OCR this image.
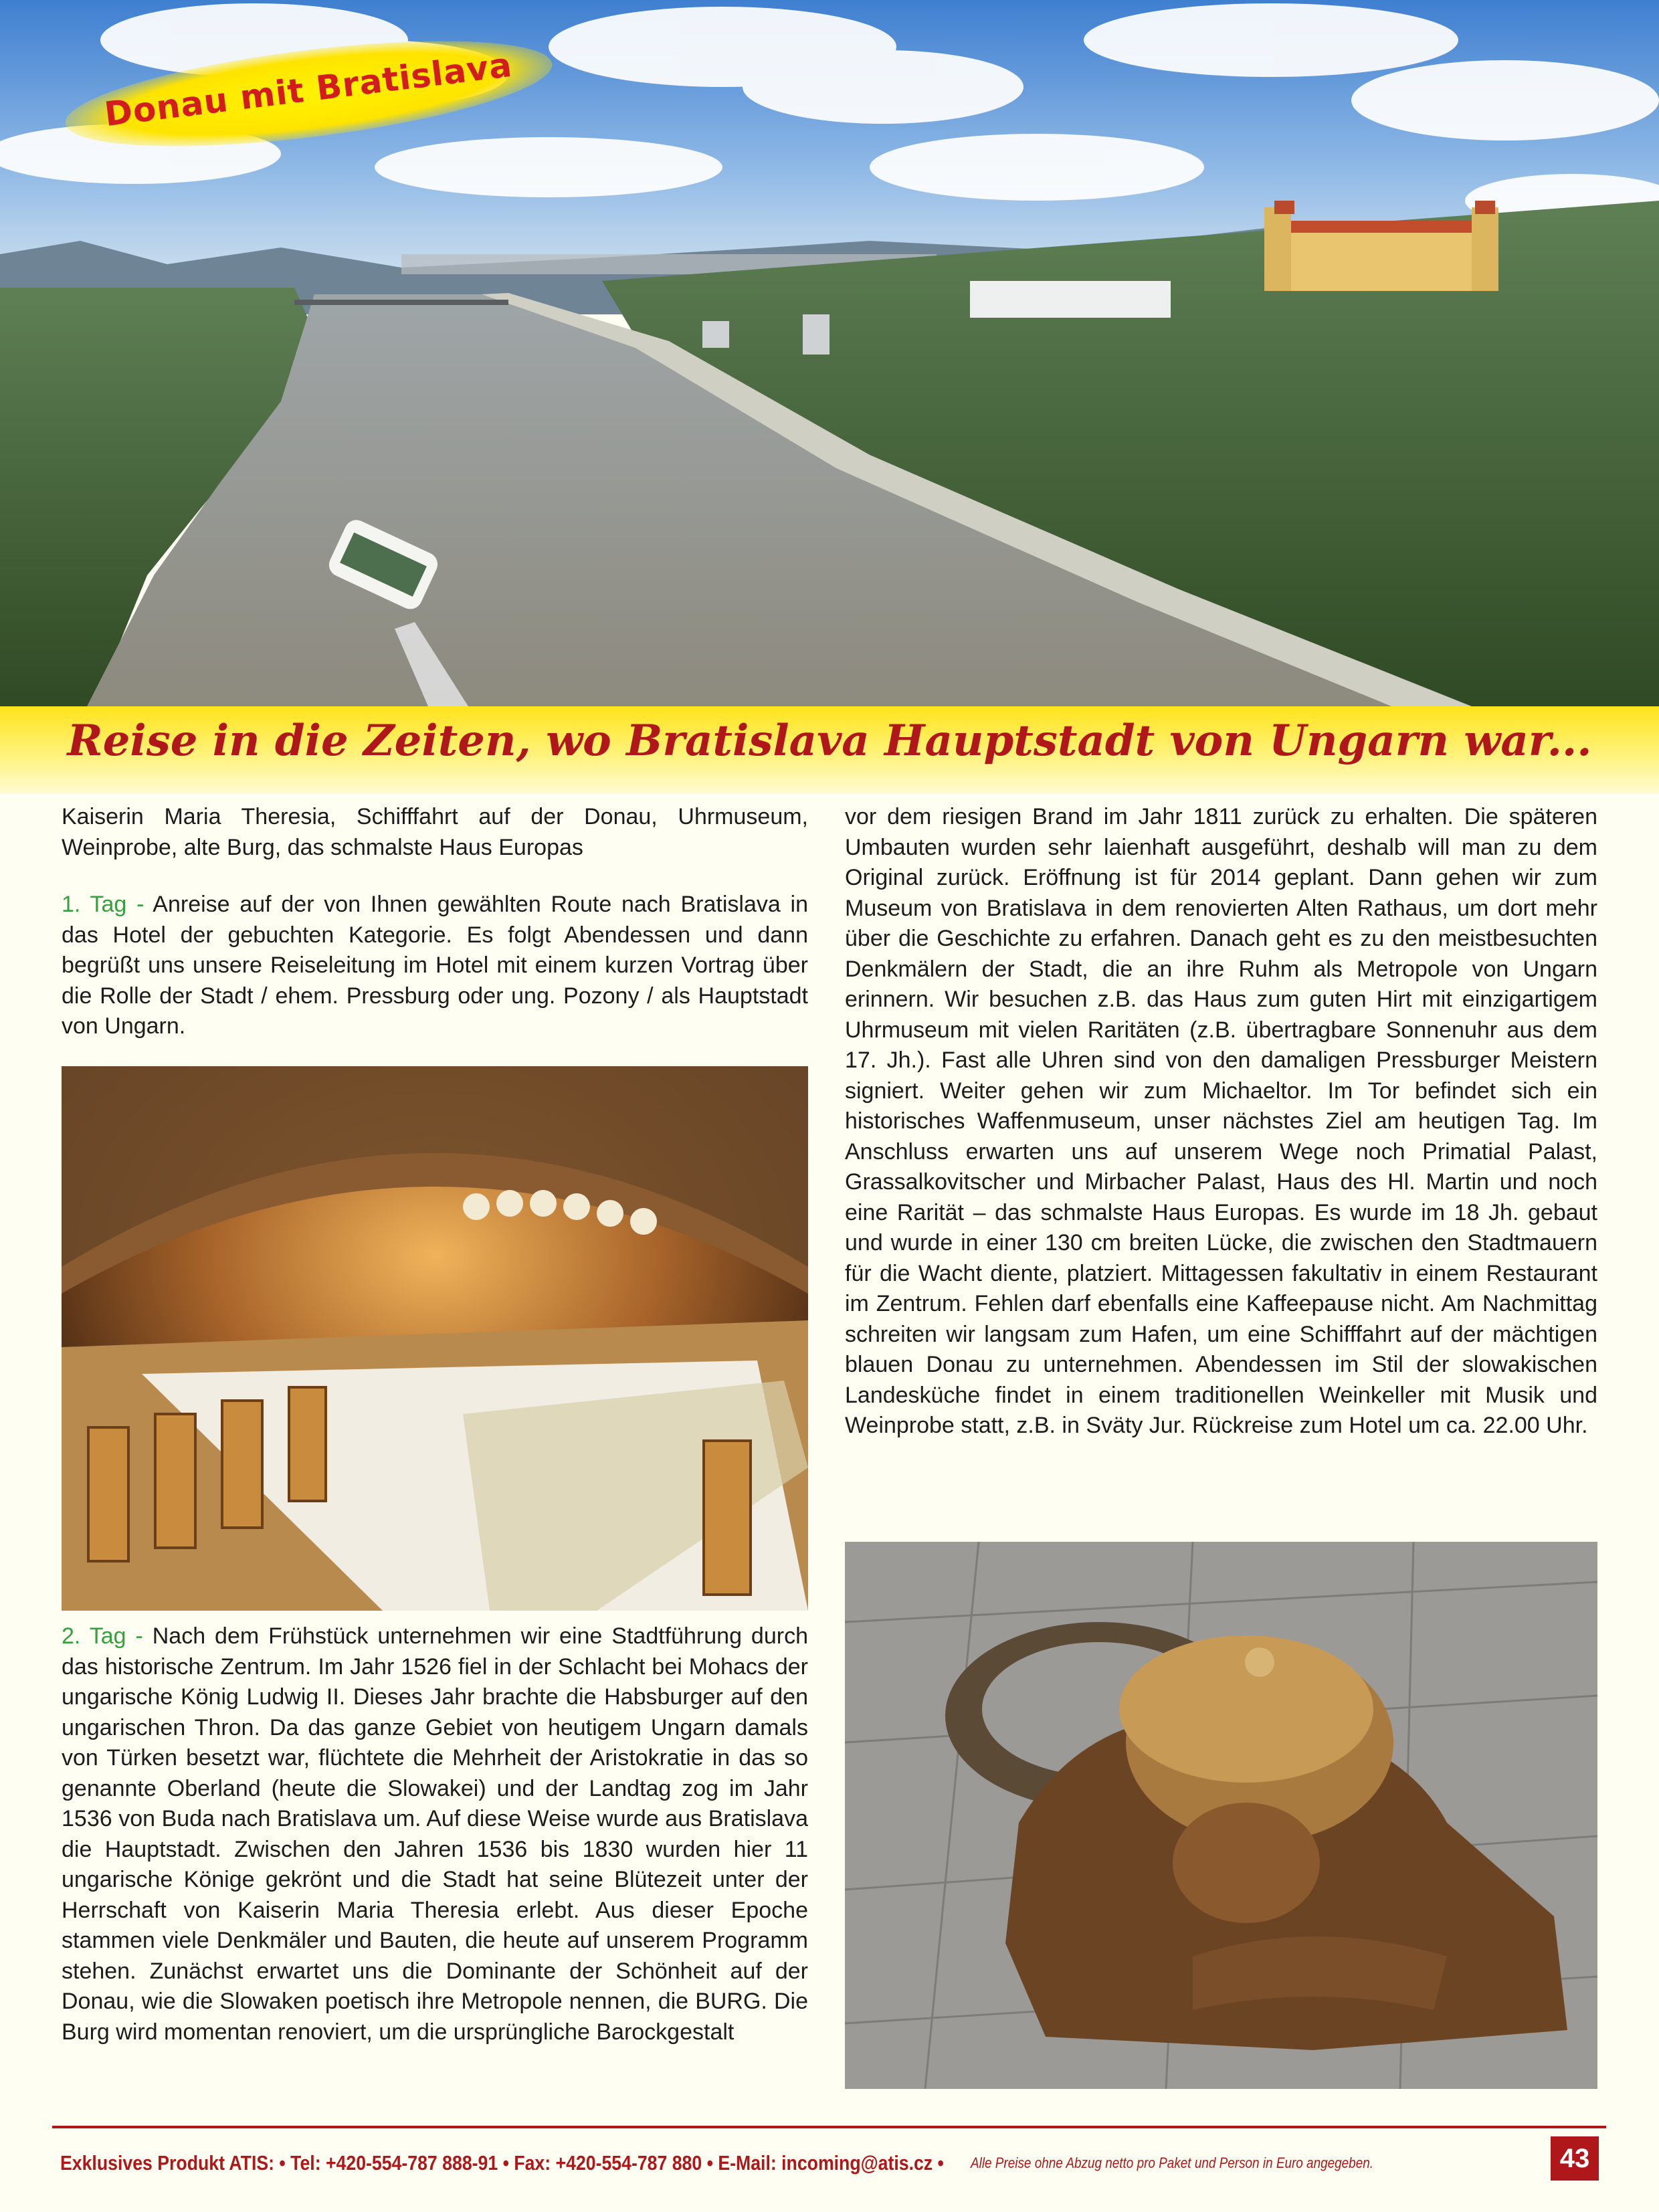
Donau mit Bratislava
Reise in die Zeiten, wo Bratislava Hauptstadt von Ungarn war...

Kaiserin Maria Theresia, Schifffahrt auf der Donau, Uhrmuseum, Weinprobe, alte Burg, das schmalste Haus Europas

1. Tag - Anreise auf der von Ihnen gewählten Route nach Bratislava in das Hotel der gebuchten Kategorie. Es folgt Abendessen und dann begrüßt uns unsere Reiseleitung im Hotel mit einem kurzen Vortrag über die Rolle der Stadt / ehem. Pressburg oder ung. Pozony / als Hauptstadt von Ungarn.

2. Tag - Nach dem Frühstück unternehmen wir eine Stadtführung durch das historische Zentrum. Im Jahr 1526 fiel in der Schlacht bei Mohacs der ungarische König Ludwig II. Dieses Jahr brachte die Habsburger auf den ungarischen Thron. Da das ganze Gebiet von heutigem Ungarn damals von Türken besetzt war, flüchtete die Mehrheit der Aristokratie in das so genannte Oberland (heute die Slowakei) und der Landtag zog im Jahr 1536 von Buda nach Bratislava um. Auf diese Weise wurde aus Bratislava die Hauptstadt. Zwischen den Jahren 1536 bis 1830 wurden hier 11 ungarische Könige gekrönt und die Stadt hat seine Blütezeit unter der Herrschaft von Kaiserin Maria Theresia erlebt. Aus dieser Epoche stammen viele Denkmäler und Bauten, die heute auf unserem Programm stehen. Zunächst erwartet uns die Dominante der Schönheit auf der Donau, wie die Slowaken poetisch ihre Metropole nennen, die BURG. Die Burg wird momentan renoviert, um die ursprüngliche Barockgestalt

vor dem riesigen Brand im Jahr 1811 zurück zu erhalten. Die späteren Umbauten wurden sehr laienhaft ausgeführt, deshalb will man zu dem Original zurück. Eröffnung ist für 2014 geplant. Dann gehen wir zum Museum von Bratislava in dem renovierten Alten Rathaus, um dort mehr über die Geschichte zu erfahren. Danach geht es zu den meistbesuchten Denkmälern der Stadt, die an ihre Ruhm als Metropole von Ungarn erinnern. Wir besuchen z.B. das Haus zum guten Hirt mit einzigartigem Uhrmuseum mit vielen Raritäten (z.B. übertragbare Sonnenuhr aus dem 17. Jh.). Fast alle Uhren sind von den damaligen Pressburger Meistern signiert. Weiter gehen wir zum Michaeltor. Im Tor befindet sich ein historisches Waffenmuseum, unser nächstes Ziel am heutigen Tag. Im Anschluss erwarten uns auf unserem Wege noch Primatial Palast, Grassalkovitscher und Mirbacher Palast, Haus des Hl. Martin und noch eine Rarität – das schmalste Haus Europas. Es wurde im 18 Jh. gebaut und wurde in einer 130 cm breiten Lücke, die zwischen den Stadtmauern für die Wacht diente, platziert. Mittagessen fakultativ in einem Restaurant im Zentrum. Fehlen darf ebenfalls eine Kaffeepause nicht. Am Nachmittag schreiten wir langsam zum Hafen, um eine Schifffahrt auf der mächtigen blauen Donau zu unternehmen. Abendessen im Stil der slowakischen Landesküche findet in einem traditionellen Weinkeller mit Musik und Weinprobe statt, z.B. in Sväty Jur. Rückreise zum Hotel um ca. 22.00 Uhr.

Exklusives Produkt ATIS: • Tel: +420-554-787 888-91 • Fax: +420-554-787 880 • E-Mail: incoming@atis.cz • Alle Preise ohne Abzug netto pro Paket und Person in Euro angegeben.	43
